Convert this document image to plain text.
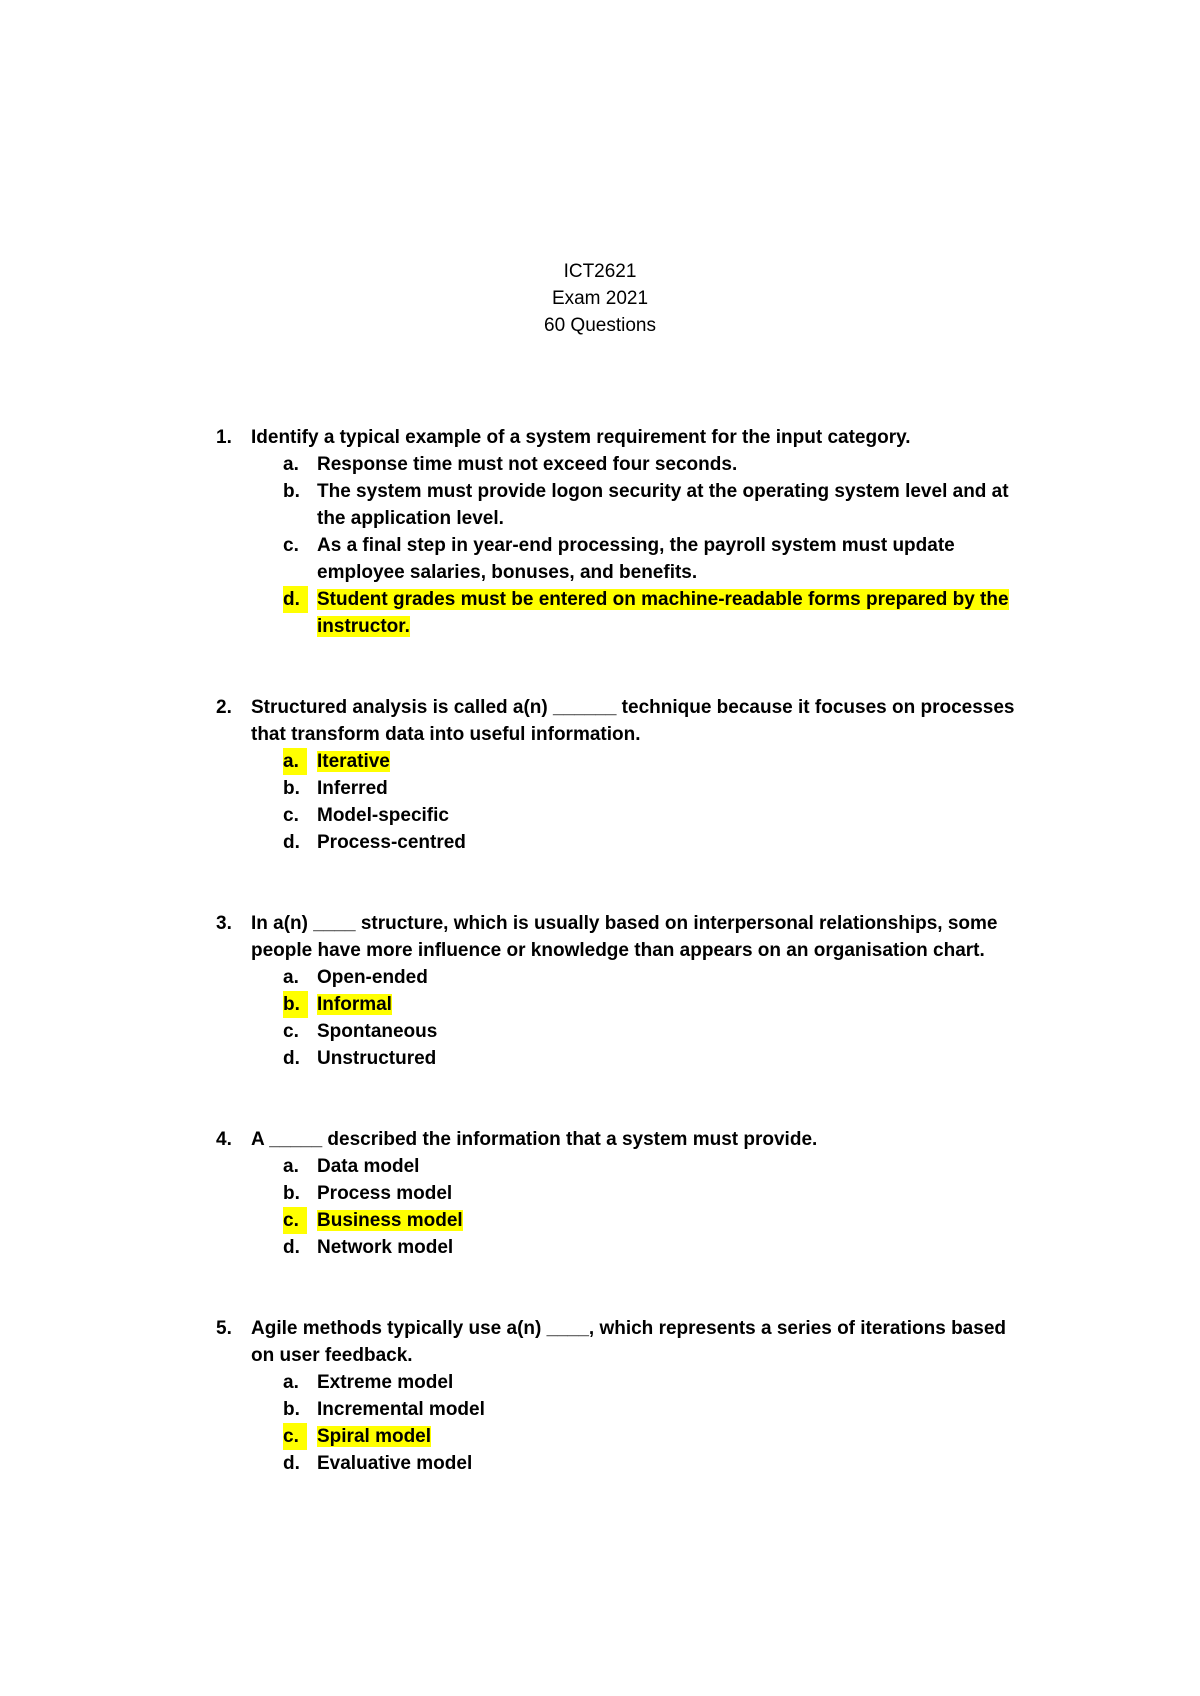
ICT2621
Exam 2021
60 Questions
1. Identify a typical example of a system requirement for the input category.
a. Response time must not exceed four seconds.
b. The system must provide logon security at the operating system level and at the application level.
c. As a final step in year-end processing, the payroll system must update employee salaries, bonuses, and benefits.
d. Student grades must be entered on machine-readable forms prepared by the instructor.
2. Structured analysis is called a(n) ______ technique because it focuses on processes that transform data into useful information.
a. Iterative
b. Inferred
c. Model-specific
d. Process-centred
3. In a(n) ____ structure, which is usually based on interpersonal relationships, some people have more influence or knowledge than appears on an organisation chart.
a. Open-ended
b. Informal
c. Spontaneous
d. Unstructured
4. A _____ described the information that a system must provide.
a. Data model
b. Process model
c. Business model
d. Network model
5. Agile methods typically use a(n) ____, which represents a series of iterations based on user feedback.
a. Extreme model
b. Incremental model
c. Spiral model
d. Evaluative model
